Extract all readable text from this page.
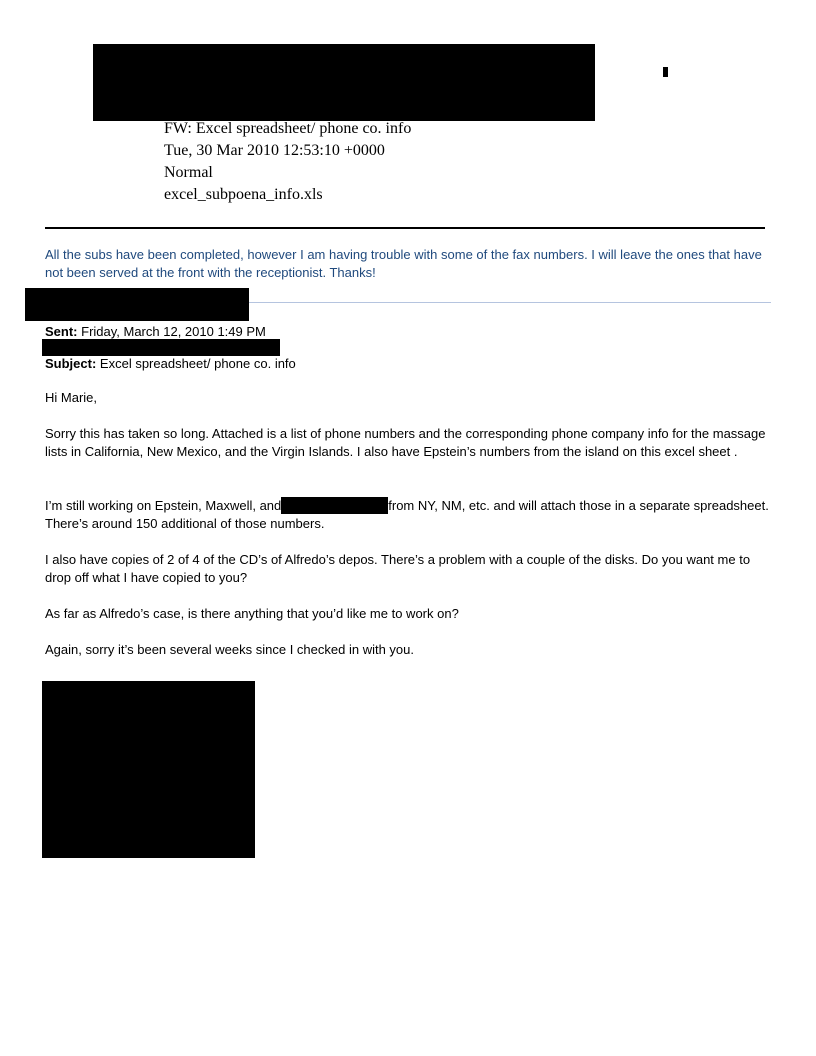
FW: Excel spreadsheet/ phone co. info
Tue, 30 Mar 2010 12:53:10 +0000
Normal
excel_subpoena_info.xls
All the subs have been completed, however I am having trouble with some of the fax numbers. I will leave the ones that have not been served at the front with the receptionist. Thanks!
Sent: Friday, March 12, 2010 1:49 PM
Subject: Excel spreadsheet/ phone co. info
Hi Marie,
Sorry this has taken so long. Attached is a list of phone numbers and the corresponding phone company info for the massage lists in California, New Mexico, and the Virgin Islands. I also have Epstein’s numbers from the island on this excel sheet .
I’m still working on Epstein, Maxwell, and	from NY, NM, etc. and will attach those in a separate spreadsheet. There’s around 150 additional of those numbers.
I also have copies of 2 of 4 of the CD’s of Alfredo’s depos. There’s a problem with a couple of the disks. Do you want me to drop off what I have copied to you?
As far as Alfredo’s case, is there anything that you’d like me to work on?
Again, sorry it’s been several weeks since I checked in with you.
